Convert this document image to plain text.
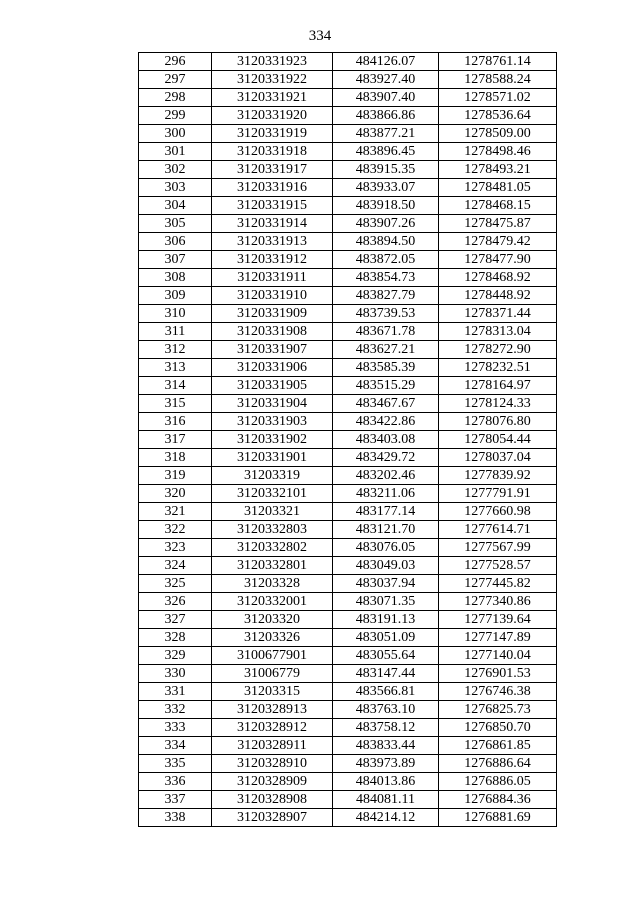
334
296	3120331923	484126.07	1278761.14
297	3120331922	483927.40	1278588.24
298	3120331921	483907.40	1278571.02
299	3120331920	483866.86	1278536.64
300	3120331919	483877.21	1278509.00
301	3120331918	483896.45	1278498.46
302	3120331917	483915.35	1278493.21
303	3120331916	483933.07	1278481.05
304	3120331915	483918.50	1278468.15
305	3120331914	483907.26	1278475.87
306	3120331913	483894.50	1278479.42
307	3120331912	483872.05	1278477.90
308	3120331911	483854.73	1278468.92
309	3120331910	483827.79	1278448.92
310	3120331909	483739.53	1278371.44
311	3120331908	483671.78	1278313.04
312	3120331907	483627.21	1278272.90
313	3120331906	483585.39	1278232.51
314	3120331905	483515.29	1278164.97
315	3120331904	483467.67	1278124.33
316	3120331903	483422.86	1278076.80
317	3120331902	483403.08	1278054.44
318	3120331901	483429.72	1278037.04
319	31203319	483202.46	1277839.92
320	3120332101	483211.06	1277791.91
321	31203321	483177.14	1277660.98
322	3120332803	483121.70	1277614.71
323	3120332802	483076.05	1277567.99
324	3120332801	483049.03	1277528.57
325	31203328	483037.94	1277445.82
326	3120332001	483071.35	1277340.86
327	31203320	483191.13	1277139.64
328	31203326	483051.09	1277147.89
329	3100677901	483055.64	1277140.04
330	31006779	483147.44	1276901.53
331	31203315	483566.81	1276746.38
332	3120328913	483763.10	1276825.73
333	3120328912	483758.12	1276850.70
334	3120328911	483833.44	1276861.85
335	3120328910	483973.89	1276886.64
336	3120328909	484013.86	1276886.05
337	3120328908	484081.11	1276884.36
338	3120328907	484214.12	1276881.69
